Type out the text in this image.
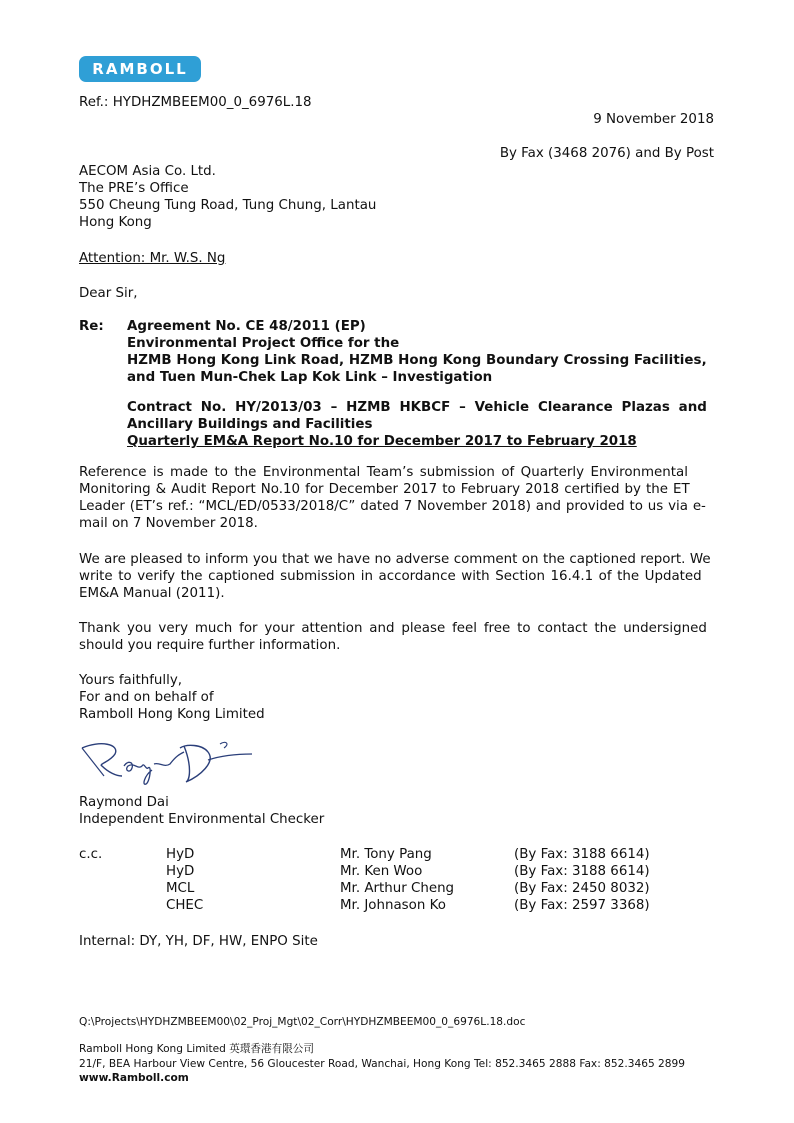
RAMBOLL
Ref.: HYDHZMBEEM00_0_6976L.18
9 November 2018
By Fax (3468 2076) and By Post
AECOM Asia Co. Ltd.
The PRE’s Office
550 Cheung Tung Road, Tung Chung, Lantau
Hong Kong
Attention: Mr. W.S. Ng
Dear Sir,
Re: Agreement No. CE 48/2011 (EP)
Environmental Project Office for the
HZMB Hong Kong Link Road, HZMB Hong Kong Boundary Crossing Facilities,
and Tuen Mun-Chek Lap Kok Link – Investigation
Contract No. HY/2013/03 – HZMB HKBCF – Vehicle Clearance Plazas and
Ancillary Buildings and Facilities
Quarterly EM&A Report No.10 for December 2017 to February 2018
Reference is made to the Environmental Team’s submission of Quarterly Environmental
Monitoring & Audit Report No.10 for December 2017 to February 2018 certified by the ET
Leader (ET’s ref.: “MCL/ED/0533/2018/C” dated 7 November 2018) and provided to us via e-
mail on 7 November 2018.
We are pleased to inform you that we have no adverse comment on the captioned report. We
write to verify the captioned submission in accordance with Section 16.4.1 of the Updated
EM&A Manual (2011).
Thank you very much for your attention and please feel free to contact the undersigned
should you require further information.
Yours faithfully,
For and on behalf of
Ramboll Hong Kong Limited
Raymond Dai
Independent Environmental Checker
c.c.	HyD	Mr. Tony Pang	(By Fax: 3188 6614)
HyD	Mr. Ken Woo	(By Fax: 3188 6614)
MCL	Mr. Arthur Cheng	(By Fax: 2450 8032)
CHEC	Mr. Johnason Ko	(By Fax: 2597 3368)
Internal: DY, YH, DF, HW, ENPO Site
Q:\Projects\HYDHZMBEEM00\02_Proj_Mgt\02_Corr\HYDHZMBEEM00_0_6976L.18.doc
Ramboll Hong Kong Limited 英環香港有限公司
21/F, BEA Harbour View Centre, 56 Gloucester Road, Wanchai, Hong Kong Tel: 852.3465 2888 Fax: 852.3465 2899
www.Ramboll.com
